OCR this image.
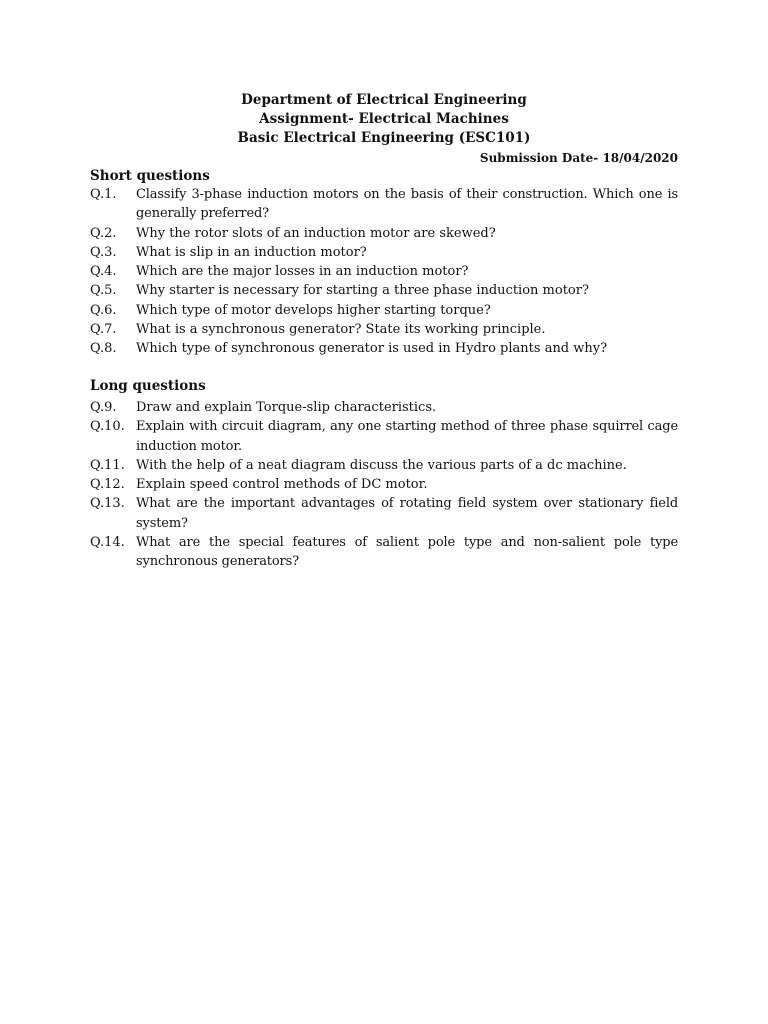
Department of Electrical Engineering
Assignment- Electrical Machines
Basic Electrical Engineering (ESC101)
Submission Date- 18/04/2020
Short questions
Q.1.	Classify 3-phase induction motors on the basis of their construction. Which one is generally preferred?
Q.2.	Why the rotor slots of an induction motor are skewed?
Q.3.	What is slip in an induction motor?
Q.4.	Which are the major losses in an induction motor?
Q.5.	Why starter is necessary for starting a three phase induction motor?
Q.6.	Which type of motor develops higher starting torque?
Q.7.	What is a synchronous generator? State its working principle.
Q.8.	Which type of synchronous generator is used in Hydro plants and why?
Long questions
Q.9.	Draw and explain Torque-slip characteristics.
Q.10. Explain with circuit diagram, any one starting method of three phase squirrel cage induction motor.
Q.11. With the help of a neat diagram discuss the various parts of a dc machine.
Q.12. Explain speed control methods of DC motor.
Q.13. What are the important advantages of rotating field system over stationary field system?
Q.14. What are the special features of salient pole type and non-salient pole type synchronous generators?
